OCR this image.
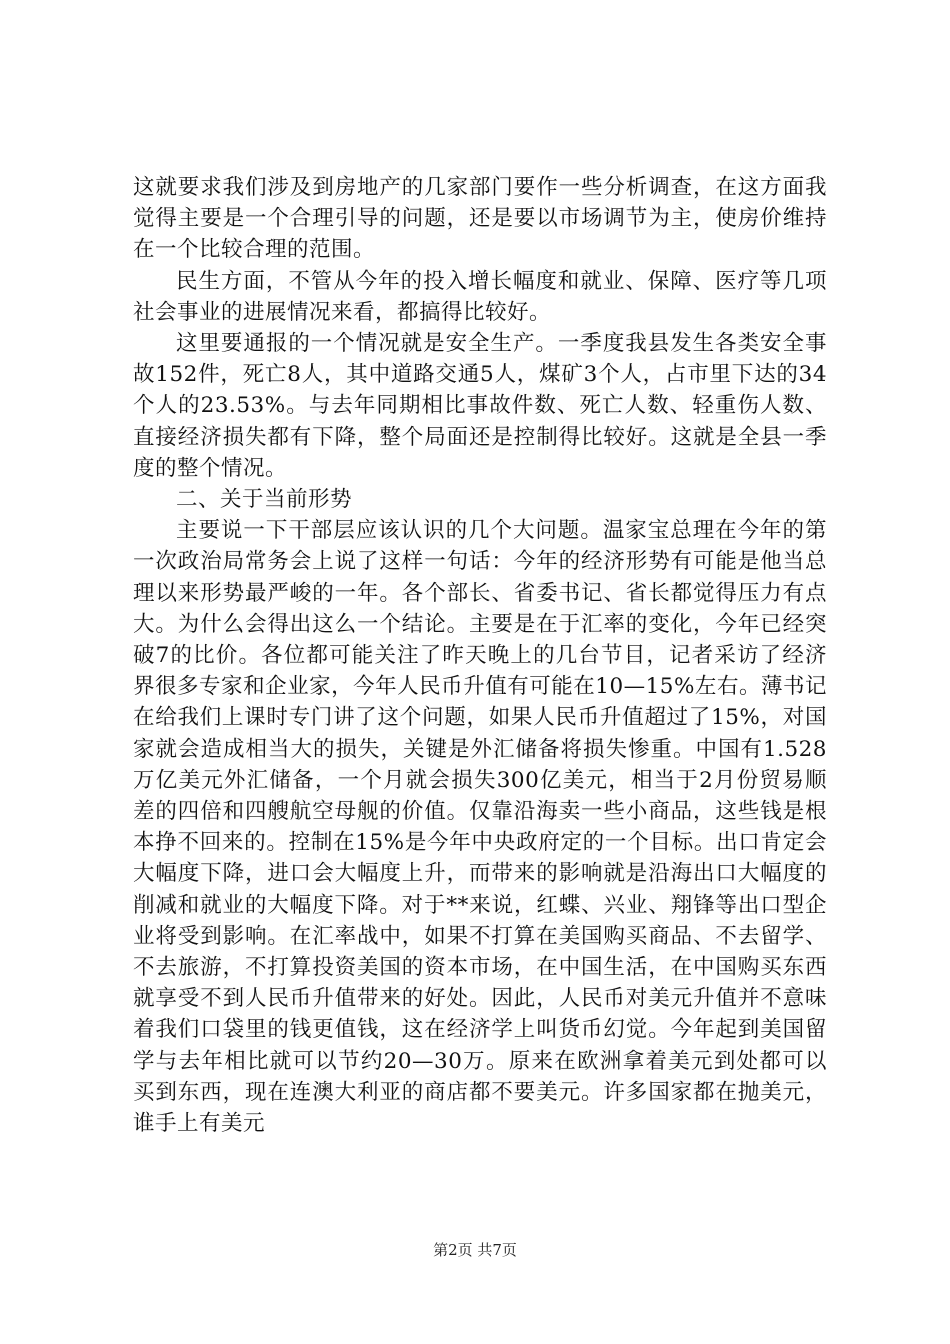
这就要求我们涉及到房地产的几家部门要作一些分析调查，在这方面我觉得主要是一个合理引导的问题，还是要以市场调节为主，使房价维持在一个比较合理的范围。

民生方面，不管从今年的投入增长幅度和就业、保障、医疗等几项社会事业的进展情况来看，都搞得比较好。

这里要通报的一个情况就是安全生产。一季度我县发生各类安全事故152件，死亡8人，其中道路交通5人，煤矿3个人，占市里下达的34个人的23.53%。与去年同期相比事故件数、死亡人数、轻重伤人数、直接经济损失都有下降，整个局面还是控制得比较好。这就是全县一季度的整个情况。

二、关于当前形势

主要说一下干部层应该认识的几个大问题。温家宝总理在今年的第一次政治局常务会上说了这样一句话：今年的经济形势有可能是他当总理以来形势最严峻的一年。各个部长、省委书记、省长都觉得压力有点大。为什么会得出这么一个结论。主要是在于汇率的变化，今年已经突破7的比价。各位都可能关注了昨天晚上的几台节目，记者采访了经济界很多专家和企业家，今年人民币升值有可能在10—15%左右。薄书记在给我们上课时专门讲了这个问题，如果人民币升值超过了15%，对国家就会造成相当大的损失，关键是外汇储备将损失惨重。中国有1.528万亿美元外汇储备，一个月就会损失300亿美元，相当于2月份贸易顺差的四倍和四艘航空母舰的价值。仅靠沿海卖一些小商品，这些钱是根本挣不回来的。控制在15%是今年中央政府定的一个目标。出口肯定会大幅度下降，进口会大幅度上升，而带来的影响就是沿海出口大幅度的削减和就业的大幅度下降。对于**来说，红蝶、兴业、翔锋等出口型企业将受到影响。在汇率战中，如果不打算在美国购买商品、不去留学、不去旅游，不打算投资美国的资本市场，在中国生活，在中国购买东西就享受不到人民币升值带来的好处。因此，人民币对美元升值并不意味着我们口袋里的钱更值钱，这在经济学上叫货币幻觉。今年起到美国留学与去年相比就可以节约20—30万。原来在欧洲拿着美元到处都可以买到东西，现在连澳大利亚的商店都不要美元。许多国家都在抛美元，谁手上有美元

第2页 共7页
